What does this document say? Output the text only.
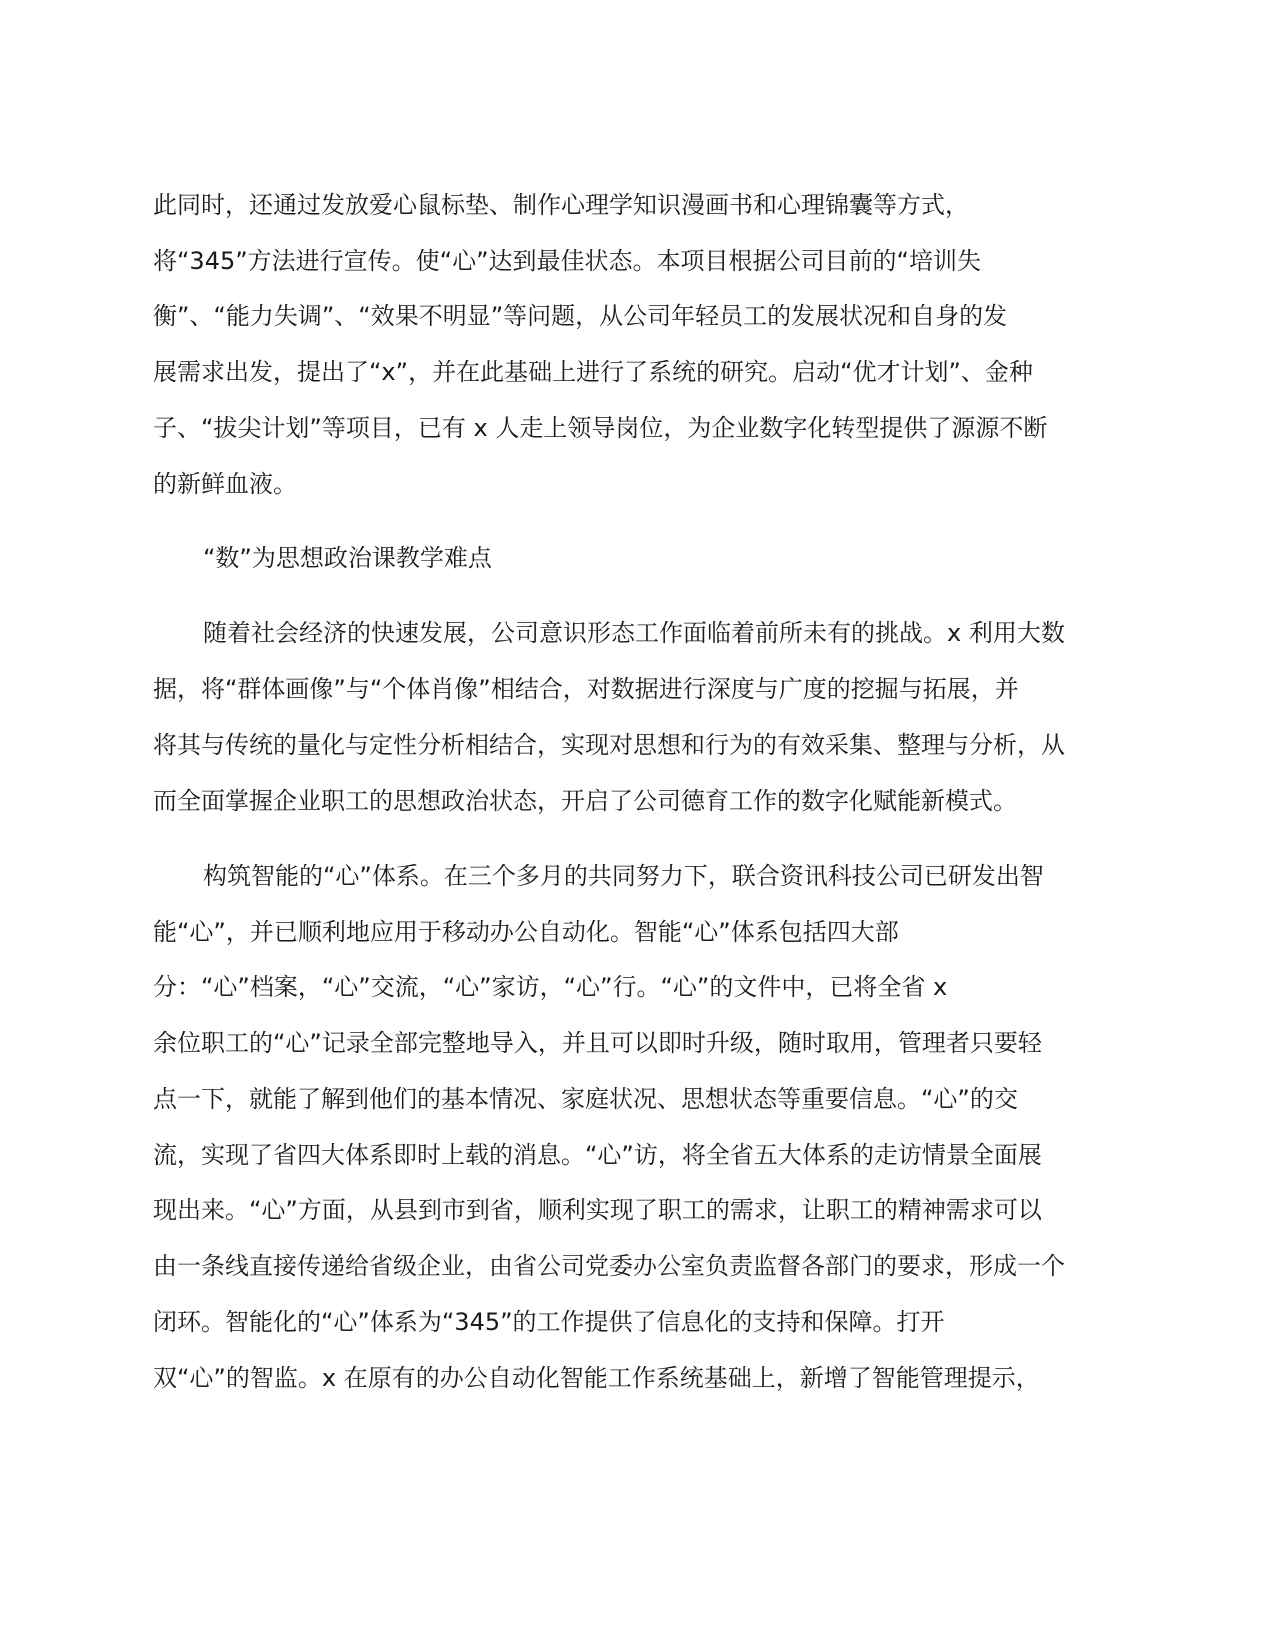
此同时，还通过发放爱心鼠标垫、制作心理学知识漫画书和心理锦囊等方式，
将“345”方法进行宣传。使“心”达到最佳状态。本项目根据公司目前的“培训失
衡”、“能力失调”、“效果不明显”等问题，从公司年轻员工的发展状况和自身的发
展需求出发，提出了“x”，并在此基础上进行了系统的研究。启动“优才计划”、金种
子、“拔尖计划”等项目，已有 x 人走上领导岗位，为企业数字化转型提供了源源不断
的新鲜血液。
“数”为思想政治课教学难点
随着社会经济的快速发展，公司意识形态工作面临着前所未有的挑战。x 利用大数
据，将“群体画像”与“个体肖像”相结合，对数据进行深度与广度的挖掘与拓展，并
将其与传统的量化与定性分析相结合，实现对思想和行为的有效采集、整理与分析，从
而全面掌握企业职工的思想政治状态，开启了公司德育工作的数字化赋能新模式。
构筑智能的“心”体系。在三个多月的共同努力下，联合资讯科技公司已研发出智
能“心”，并已顺利地应用于移动办公自动化。智能“心”体系包括四大部
分：“心”档案，“心”交流，“心”家访，“心”行。“心”的文件中，已将全省 x
余位职工的“心”记录全部完整地导入，并且可以即时升级，随时取用，管理者只要轻
点一下，就能了解到他们的基本情况、家庭状况、思想状态等重要信息。“心”的交
流，实现了省四大体系即时上载的消息。“心”访，将全省五大体系的走访情景全面展
现出来。“心”方面，从县到市到省，顺利实现了职工的需求，让职工的精神需求可以
由一条线直接传递给省级企业，由省公司党委办公室负责监督各部门的要求，形成一个
闭环。智能化的“心”体系为“345”的工作提供了信息化的支持和保障。打开
双“心”的智监。x 在原有的办公自动化智能工作系统基础上，新增了智能管理提示，
